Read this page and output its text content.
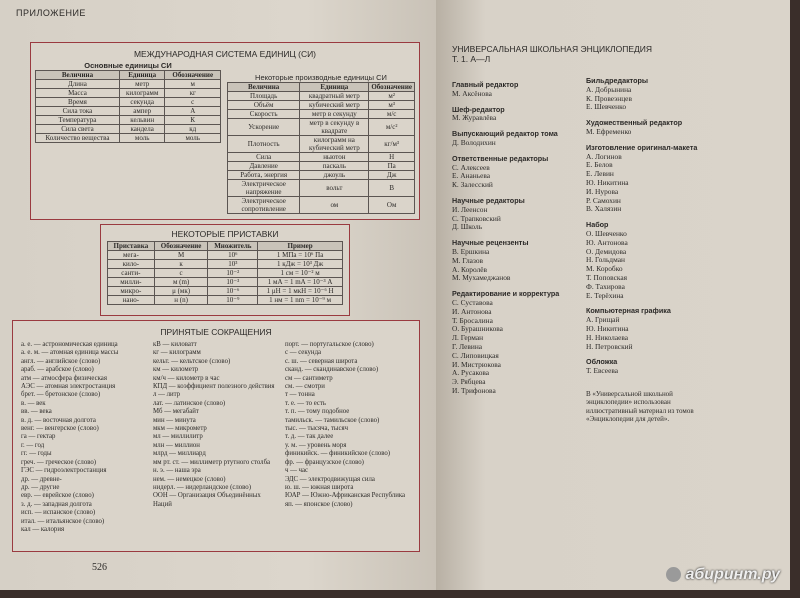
ПРИЛОЖЕНИЕ
МЕЖДУНАРОДНАЯ СИСТЕМА ЕДИНИЦ (СИ)
Основные единицы СИ
Величина	Единица	Обозначение
Длина	метр	м
Масса	килограмм	кг
Время	секунда	с
Сила тока	ампер	А
Температура	кельвин	К
Сила света	кандела	кд
Количество вещества	моль	моль
Некоторые производные единицы СИ
Величина	Единица	Обозначение
Площадь	квадратный метр	м²
Объём	кубический метр	м³
Скорость	метр в секунду	м/с
Ускорение	метр в секунду в квадрате	м/с²
Плотность	килограмм на кубический метр	кг/м³
Сила	ньютон	Н
Давление	паскаль	Па
Работа, энергия	джоуль	Дж
Электрическое напряжение	вольт	В
Электрическое сопротивление	ом	Ом
НЕКОТОРЫЕ ПРИСТАВКИ
Приставка	Обозначение	Множитель	Пример
мега-	М	10⁶	1 МПа = 10⁶ Па
кило-	к	10³	1 кДж = 10³ Дж
санти-	с	10⁻²	1 см = 10⁻² м
милли-	м (m)	10⁻³	1 мА = 1 mA = 10⁻³ А
микро-	μ (мк)	10⁻⁶	1 μН = 1 мкН = 10⁻⁶ Н
нано-	н (n)	10⁻⁹	1 нм = 1 nm = 10⁻⁹ м
ПРИНЯТЫЕ СОКРАЩЕНИЯ
а. е. — астрономическая единица
а. е. м. — атомная единица массы
англ. — английское (слово)
араб. — арабское (слово)
атм — атмосфера физическая
АЭС — атомная электростанция
брет. — бретонское (слово)
в. — век
вв. — века
в. д. — восточная долгота
венг. — венгерское (слово)
га — гектар
г. — год
гг. — годы
греч. — греческое (слово)
ГЭС — гидроэлектростанция
др. — древне-
др. — другие
евр. — еврейское (слово)
з. д. — западная долгота
исп. — испанское (слово)
итал. — итальянское (слово)
кал — калория
кВ — киловатт
кг — килограмм
кельт. — кельтское (слово)
км — километр
км/ч — километр в час
КПД — коэффициент полезного действия
л — литр
лат. — латинское (слово)
Мб — мегабайт
мин — минута
мкм — микрометр
мл — миллилитр
млн — миллион
млрд — миллиард
мм рт. ст. — миллиметр ртутного столба
н. э. — наша эра
нем. — немецкое (слово)
нидерл. — нидерландское (слово)
ООН — Организация Объединённых Наций
порт. — португальское (слово)
с — секунда
с. ш. — северная широта
сканд. — скандинавское (слово)
см — сантиметр
см. — смотри
т — тонна
т. е. — то есть
т. п. — тому подобное
тамильск. — тамильское (слово)
тыс. — тысяча, тысяч
т. д. — так далее
у. м. — уровень моря
финикийск. — финикийское (слово)
фр. — французское (слово)
ч — час
ЭДС — электродвижущая сила
ю. ш. — южная широта
ЮАР — Южно-Африканская Республика
яп. — японское (слово)
526
УНИВЕРСАЛЬНАЯ ШКОЛЬНАЯ ЭНЦИКЛОПЕДИЯ
Т. 1. А—Л
Главный редактор
М. Аксёнова
Шеф-редактор
М. Журавлёва
Выпускающий редактор тома
Д. Володихин
Ответственные редакторы
С. Алексеев
Е. Ананьева
К. Залесский
Научные редакторы
И. Леенсон
С. Трапковский
Д. Школь
Научные рецензенты
В. Ершкина
М. Глазов
А. Королёв
М. Мухамеджанов
Редактирование и корректура
С. Суставова
И. Антонова
Т. Бросалина
О. Бурашникова
Л. Герман
Г. Левина
С. Липовицкая
И. Мистрюкова
А. Русакова
Э. Рябцева
И. Трифонова
Бильдредакторы
А. Добрынина
К. Провеэнцев
Е. Шевченко
Художественный редактор
М. Ефременко
Изготовление оригинал-макета
А. Логинов
Е. Белов
Е. Левин
Ю. Никитина
И. Нурова
Р. Самохин
В. Халязин
Набор
О. Шевченко
Ю. Антонова
О. Демидова
Н. Гольдман
М. Коробко
Т. Поповская
Ф. Тахирова
Е. Терёхина
Компьютерная графика
А. Грищай
Ю. Никитина
Н. Николаева
Н. Петровский
Обложка
Т. Евсеева
В «Универсальной школьной энциклопедии» использован иллюстративный материал из томов «Энциклопедии для детей».
абиринт.ру
